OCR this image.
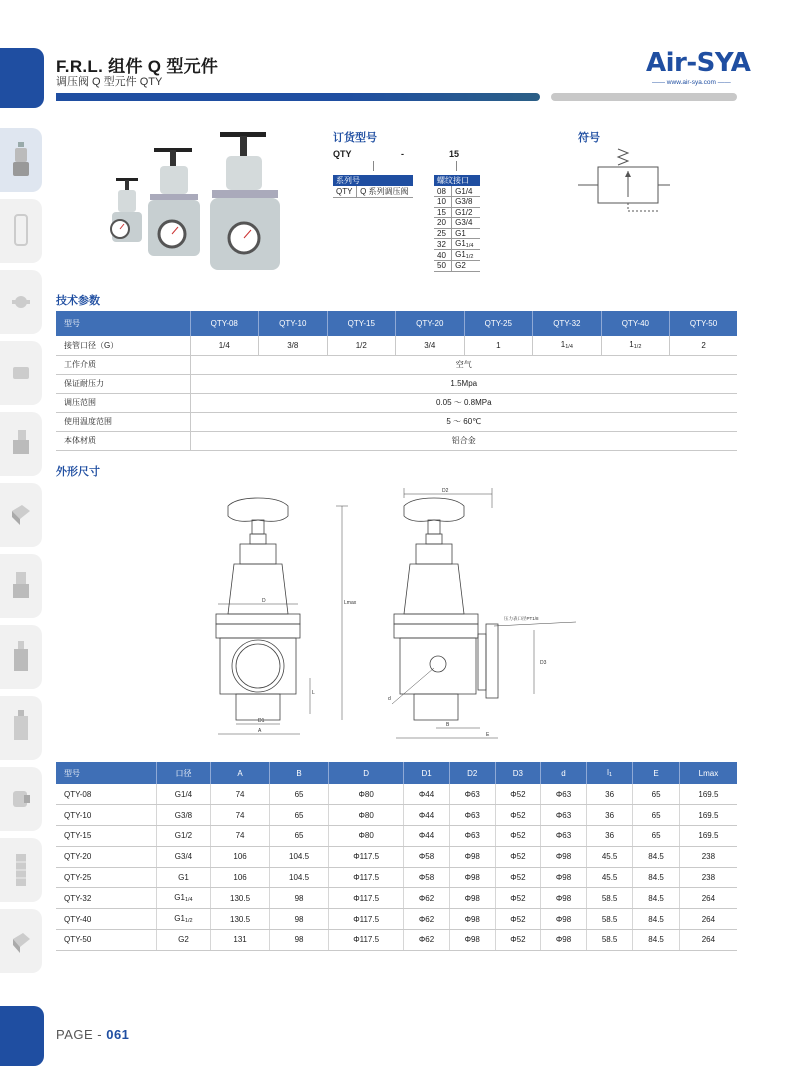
F.R.L. 组件 Q 型元件
调压阀 Q 型元件 QTY
Air-SYA
—— www.air-sya.com ——
订货型号
QTY	-	15
系列号
QTY	Q 系列调压阀
螺纹接口	
08	G1/4
10	G3/8
15	G1/2
20	G3/4
25	G1
32	$G1_{1/4}$
40	$G1_{1/2}$
50	G2
符号
技术参数
型号	QTY-08	QTY-10	QTY-15	QTY-20	QTY-25	QTY-32	QTY-40	QTY-50
接管口径（G）	1/4	3/8	1/2	3/4	1	$1_{1/4}$	$1_{1/2}$	2
工作介质	空气							
保证耐压力	1.5Mpa							
调压范围	0.05 ～ 0.8MPa							
使用温度范围	5 ～ 60℃							
本体材质	铝合金							
外形尺寸
D
D1
A
L
Lmax
D2
D3
d
B
E
压力表口径PT1/8
型号	口径	A	B	D	D1	D2	D3	d	$l_1$	E	Lmax
QTY-08	G1/4	74	65	Φ80	Φ44	Φ63	Φ52	Φ63	36	65	169.5
QTY-10	G3/8	74	65	Φ80	Φ44	Φ63	Φ52	Φ63	36	65	169.5
QTY-15	G1/2	74	65	Φ80	Φ44	Φ63	Φ52	Φ63	36	65	169.5
QTY-20	G3/4	106	104.5	Φ117.5	Φ58	Φ98	Φ52	Φ98	45.5	84.5	238
QTY-25	G1	106	104.5	Φ117.5	Φ58	Φ98	Φ52	Φ98	45.5	84.5	238
QTY-32	$G1_{1/4}$	130.5	98	Φ117.5	Φ62	Φ98	Φ52	Φ98	58.5	84.5	264
QTY-40	$G1_{1/2}$	130.5	98	Φ117.5	Φ62	Φ98	Φ52	Φ98	58.5	84.5	264
QTY-50	G2	131	98	Φ117.5	Φ62	Φ98	Φ52	Φ98	58.5	84.5	264
PAGE - 061
